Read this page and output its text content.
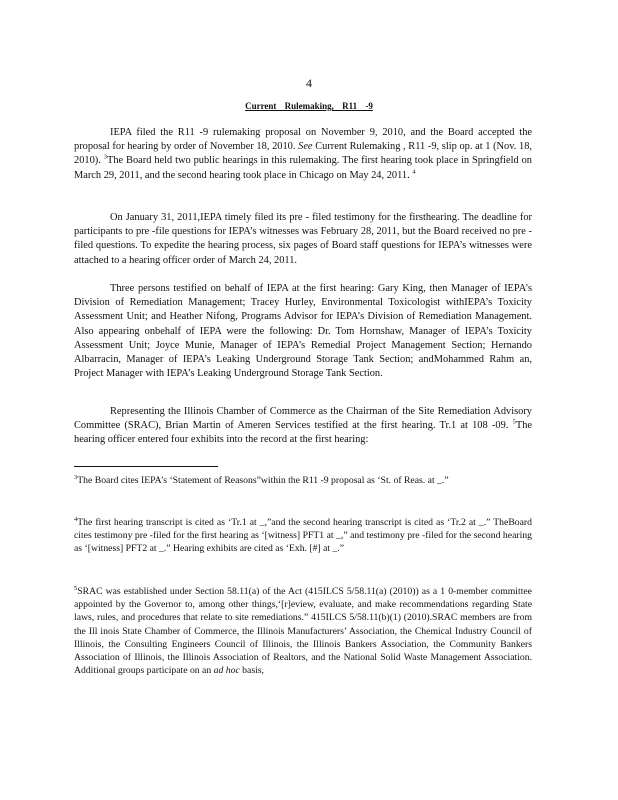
4
Current Rulemaking, R11 -9

IEPA filed the R11 -9 rulemaking proposal on November 9, 2010, and the Board accepted the proposal for hearing by order of November 18, 2010. See Current Rulemaking , R11 -9, slip op. at 1 (Nov. 18, 2010). $^3$The Board held two public hearings in this rulemaking. The first hearing took place in Springfield on March 29, 2011, and the second hearing took place in Chicago on May 24, 2011. $^4$

On January 31, 2011,IEPA timely filed its pre - filed testimony for the firsthearing. The deadline for participants to pre -file questions for IEPA’s witnesses was February 28, 2011, but the Board received no pre - filed questions. To expedite the hearing process, six pages of Board staff questions for IEPA’s witnesses were attached to a hearing officer order of March 24, 2011.

Three persons testified on behalf of IEPA at the first hearing: Gary King, then Manager of IEPA’s Division of Remediation Management; Tracey Hurley, Environmental Toxicologist withIEPA’s Toxicity Assessment Unit; and Heather Nifong, Programs Advisor for IEPA’s Division of Remediation Management. Also appearing onbehalf of IEPA were the following: Dr. Tom Hornshaw, Manager of IEPA’s Toxicity Assessment Unit; Joyce Munie, Manager of IEPA’s Remedial Project Management Section; Hernando Albarracin, Manager of IEPA’s Leaking Underground Storage Tank Section; andMohammed Rahm an, Project Manager with IEPA’s Leaking Underground Storage Tank Section.

Representing the Illinois Chamber of Commerce as the Chairman of the Site Remediation Advisory Committee (SRAC), Brian Martin of Ameren Services testified at the first hearing. Tr.1 at 108 -09. $^5$The hearing officer entered four exhibits into the record at the first hearing:

$^3$The Board cites IEPA’s ‘Statement of Reasons”within the R11 -9 proposal as ‘St. of Reas. at _.”

$^4$The first hearing transcript is cited as ‘Tr.1 at _,”and the second hearing transcript is cited as ‘Tr.2 at _.” TheBoard cites testimony pre -filed for the first hearing as ‘[witness] PFT1 at _,” and testimony pre -filed for the second hearing as ‘[witness] PFT2 at _.” Hearing exhibits are cited as ‘Exh. [#] at _.”

$^5$SRAC was established under Section 58.11(a) of the Act (415ILCS 5/58.11(a) (2010)) as a 1 0-member committee appointed by the Governor to, among other things,‘[r]eview, evaluate, and make recommendations regarding State laws, rules, and procedures that relate to site remediations.” 415ILCS 5/58.11(b)(1) (2010).SRAC members are from the Ill inois State Chamber of Commerce, the Illinois Manufacturers’ Association, the Chemical Industry Council of Illinois, the Consulting Engineers Council of Illinois, the Illinois Bankers Association, the Community Bankers Association of Illinois, the Illinois Association of Realtors, and the National Solid Waste Management Association. Additional groups participate on an ad hoc basis,
